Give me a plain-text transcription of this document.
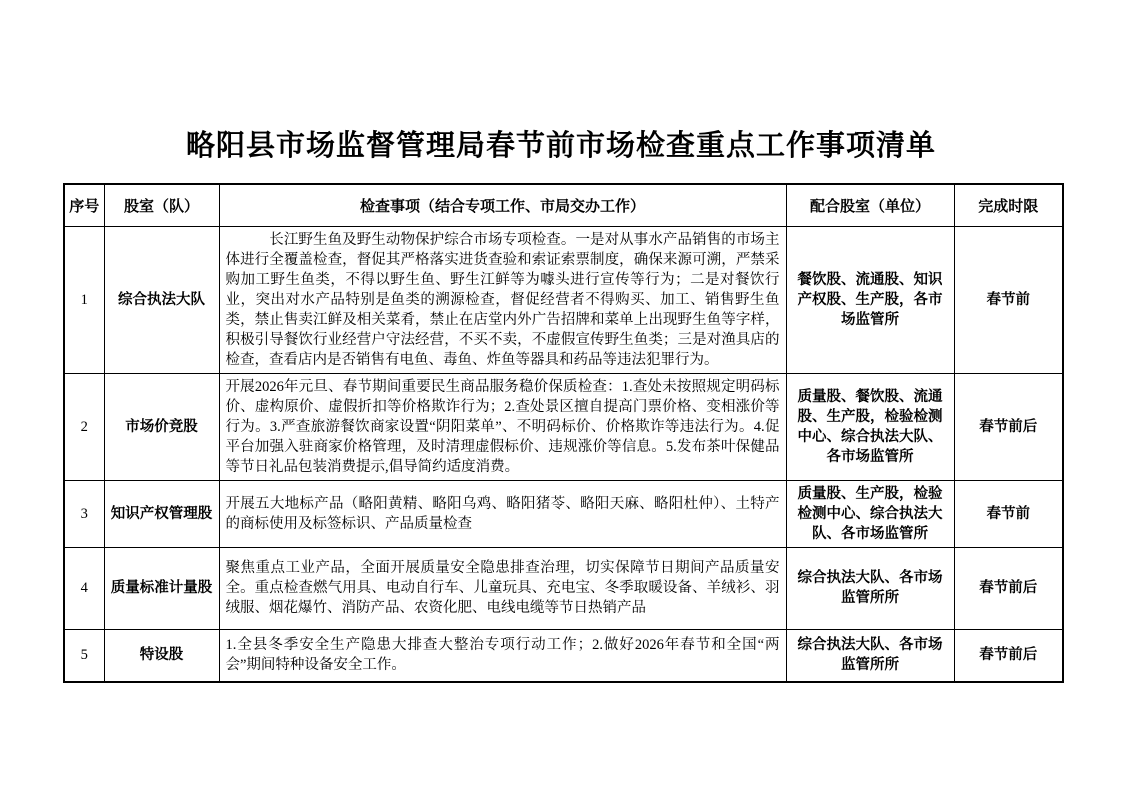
略阳县市场监督管理局春节前市场检查重点工作事项清单
序号	股室（队）	检查事项（结合专项工作、市局交办工作）	配合股室（单位）	完成时限
1	综合执法大队	　　　长江野生鱼及野生动物保护综合市场专项检查。一是对从事水产品销售的市场主体进行全覆盖检查，督促其严格落实进货查验和索证索票制度，确保来源可溯，严禁采购加工野生鱼类，不得以野生鱼、野生江鲜等为噱头进行宣传等行为；二是对餐饮行业，突出对水产品特别是鱼类的溯源检查，督促经营者不得购买、加工、销售野生鱼类，禁止售卖江鲜及相关菜肴，禁止在店堂内外广告招牌和菜单上出现野生鱼等字样，积极引导餐饮行业经营户守法经营，不买不卖，不虚假宣传野生鱼类；三是对渔具店的检查，查看店内是否销售有电鱼、毒鱼、炸鱼等器具和药品等违法犯罪行为。	餐饮股、流通股、知识产权股、生产股，各市场监管所	春节前
2	市场价竞股	开展2026年元旦、春节期间重要民生商品服务稳价保质检查：1.查处未按照规定明码标价、虚构原价、虚假折扣等价格欺诈行为；2.查处景区擅自提高门票价格、变相涨价等行为。3.严查旅游餐饮商家设置“阴阳菜单”、不明码标价、价格欺诈等违法行为。4.促平台加强入驻商家价格管理，及时清理虚假标价、违规涨价等信息。5.发布茶叶保健品等节日礼品包装消费提示,倡导简约适度消费。	质量股、餐饮股、流通股、生产股，检验检测中心、综合执法大队、各市场监管所	春节前后
3	知识产权管理股	开展五大地标产品（略阳黄精、略阳乌鸡、略阳猪苓、略阳天麻、略阳杜仲）、土特产的商标使用及标签标识、产品质量检查	质量股、生产股，检验检测中心、综合执法大队、各市场监管所	春节前
4	质量标准计量股	聚焦重点工业产品，全面开展质量安全隐患排查治理，切实保障节日期间产品质量安全。重点检查燃气用具、电动自行车、儿童玩具、充电宝、冬季取暖设备、羊绒衫、羽绒服、烟花爆竹、消防产品、农资化肥、电线电缆等节日热销产品	综合执法大队、各市场监管所所	春节前后
5	特设股	1.全县冬季安全生产隐患大排查大整治专项行动工作；2.做好2026年春节和全国“两会”期间特种设备安全工作。	综合执法大队、各市场监管所所	春节前后
